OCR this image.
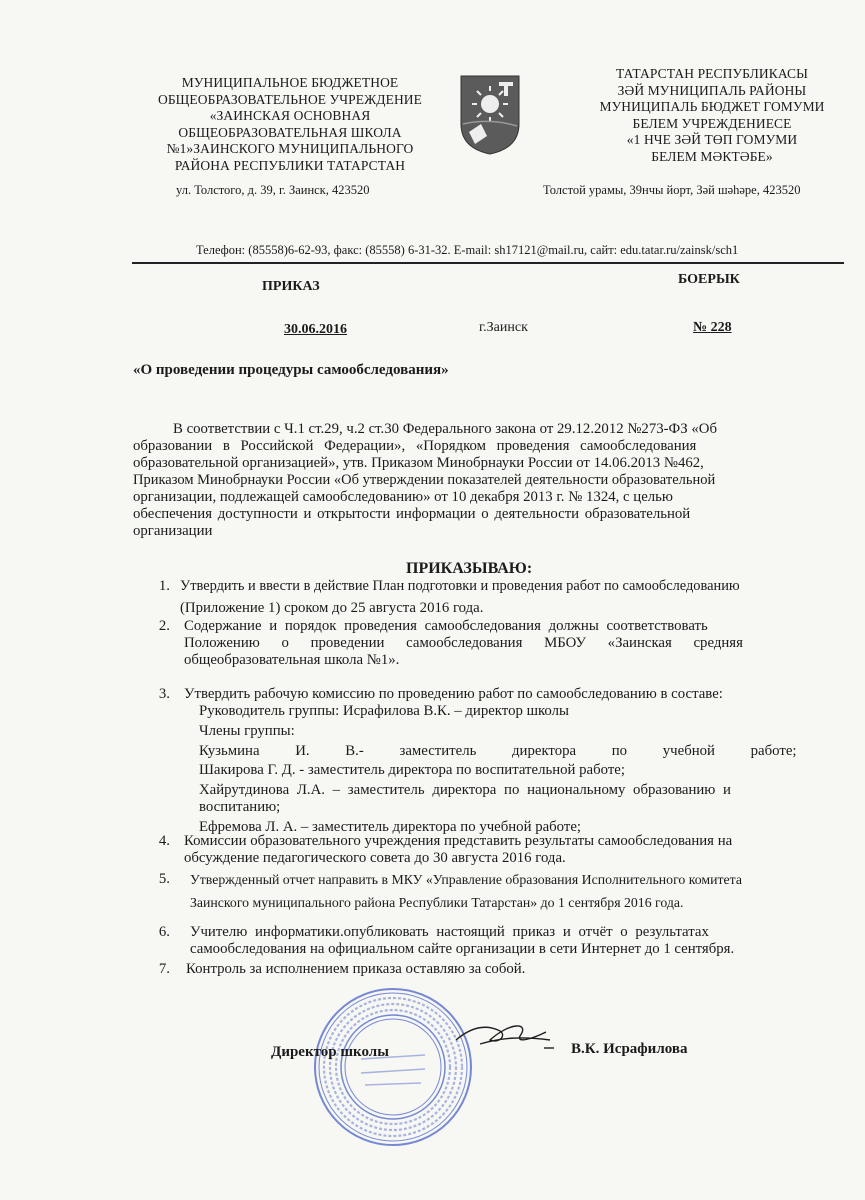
МУНИЦИПАЛЬНОЕ БЮДЖЕТНОЕ
ОБЩЕОБРАЗОВАТЕЛЬНОЕ УЧРЕЖДЕНИЕ
«ЗАИНСКАЯ ОСНОВНАЯ
ОБЩЕОБРАЗОВАТЕЛЬНАЯ ШКОЛА
№1»ЗАИНСКОГО МУНИЦИПАЛЬНОГО
РАЙОНА РЕСПУБЛИКИ ТАТАРСТАН
ул. Толстого, д. 39, г. Заинск, 423520
ТАТАРСТАН РЕСПУБЛИКАСЫ
ЗӘЙ МУНИЦИПАЛЬ РАЙОНЫ
МУНИЦИПАЛЬ БЮДЖЕТ ГОМУМИ
БЕЛЕМ УЧРЕЖДЕНИЕСЕ
«1 НЧЕ ЗӘЙ ТӨП ГОМУМИ
БЕЛЕМ МӘКТӘБЕ»
Толстой урамы, 39нчы йорт, Зәй шәһәре, 423520
Телефон: (85558)6-62-93, факс: (85558) 6-31-32. E-mail: sh17121@mail.ru, сайт: edu.tatar.ru/zainsk/sch1
ПРИКАЗ	БОЕРЫК
30.06.2016	г.Заинск	№ 228
«О проведении процедуры самообследования»
В соответствии с Ч.1 ст.29, ч.2 ст.30 Федерального закона от 29.12.2012 №273-ФЗ «Об
образовании в Российской Федерации», «Порядком проведения самообследования
образовательной организацией», утв. Приказом Минобрнауки России от 14.06.2013 №462,
Приказом Минобрнауки России «Об утверждении показателей деятельности образовательной
организации, подлежащей самообследованию» от 10 декабря 2013 г. № 1324, с целью
обеспечения доступности и открытости информации о деятельности образовательной
организации
ПРИКАЗЫВАЮ:
1. Утвердить и ввести в действие План подготовки и проведения работ по самообследованию
(Приложение 1) сроком до 25 августа 2016 года.
2. Содержание и порядок проведения самообследования должны соответствовать
Положению о проведении самообследования МБОУ «Заинская средняя
общеобразовательная школа №1».
3. Утвердить рабочую комиссию по проведению работ по самообследованию в составе:
Руководитель группы: Исрафилова В.К. – директор школы
Члены группы:
Кузьмина И. В.- заместитель директора по учебной работе;
Шакирова Г. Д. - заместитель директора по воспитательной работе;
Хайрутдинова Л.А. – заместитель директора по национальному образованию и
воспитанию;
Ефремова Л. А. – заместитель директора по учебной работе;
4. Комиссии образовательного учреждения представить результаты самообследования на
обсуждение педагогического совета до 30 августа 2016 года.
5. Утвержденный отчет направить в МКУ «Управление образования Исполнительного комитета
Заинского муниципального района Республики Татарстан» до 1 сентября 2016 года.
6. Учителю информатики.опубликовать настоящий приказ и отчёт о результатах
самообследования на официальном сайте организации в сети Интернет до 1 сентября.
7. Контроль за исполнением приказа оставляю за собой.
Директор школы	В.К. Исрафилова
